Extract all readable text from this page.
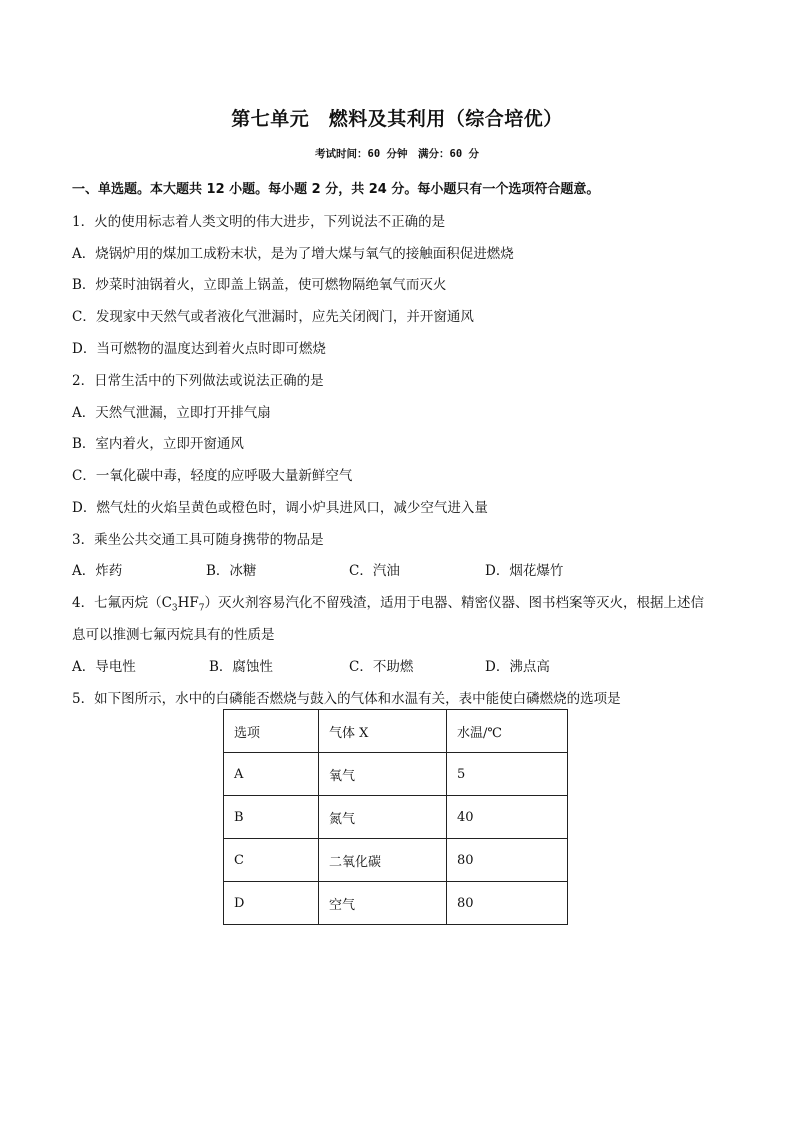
第七单元　燃料及其利用（综合培优）
考试时间：60 分钟　满分：60 分
一、单选题。本大题共 12 小题。每小题 2 分，共 24 分。每小题只有一个选项符合题意。
1．火的使用标志着人类文明的伟大进步，下列说法不正确的是
A．烧锅炉用的煤加工成粉末状，是为了增大煤与氧气的接触面积促进燃烧
B．炒菜时油锅着火，立即盖上锅盖，使可燃物隔绝氧气而灭火
C．发现家中天然气或者液化气泄漏时，应先关闭阀门，并开窗通风
D．当可燃物的温度达到着火点时即可燃烧
2．日常生活中的下列做法或说法正确的是
A．天然气泄漏，立即打开排气扇
B．室内着火，立即开窗通风
C．一氧化碳中毒，轻度的应呼吸大量新鲜空气
D．燃气灶的火焰呈黄色或橙色时，调小炉具进风口，减少空气进入量
3．乘坐公共交通工具可随身携带的物品是
A．炸药	B．冰糖	C．汽油	D．烟花爆竹
4．七氟丙烷$(C_3HF_7)$灭火剂容易汽化不留残渣，适用于电器、精密仪器、图书档案等灭火，根据上述信
息可以推测七氟丙烷具有的性质是
A．导电性	B．腐蚀性	C．不助燃	D．沸点高
5．如下图所示，水中的白磷能否燃烧与鼓入的气体和水温有关，表中能使白磷燃烧的选项是
选项	气体 X	水温/℃
A	氧气	5
B	氮气	40
C	二氧化碳	80
D	空气	80
